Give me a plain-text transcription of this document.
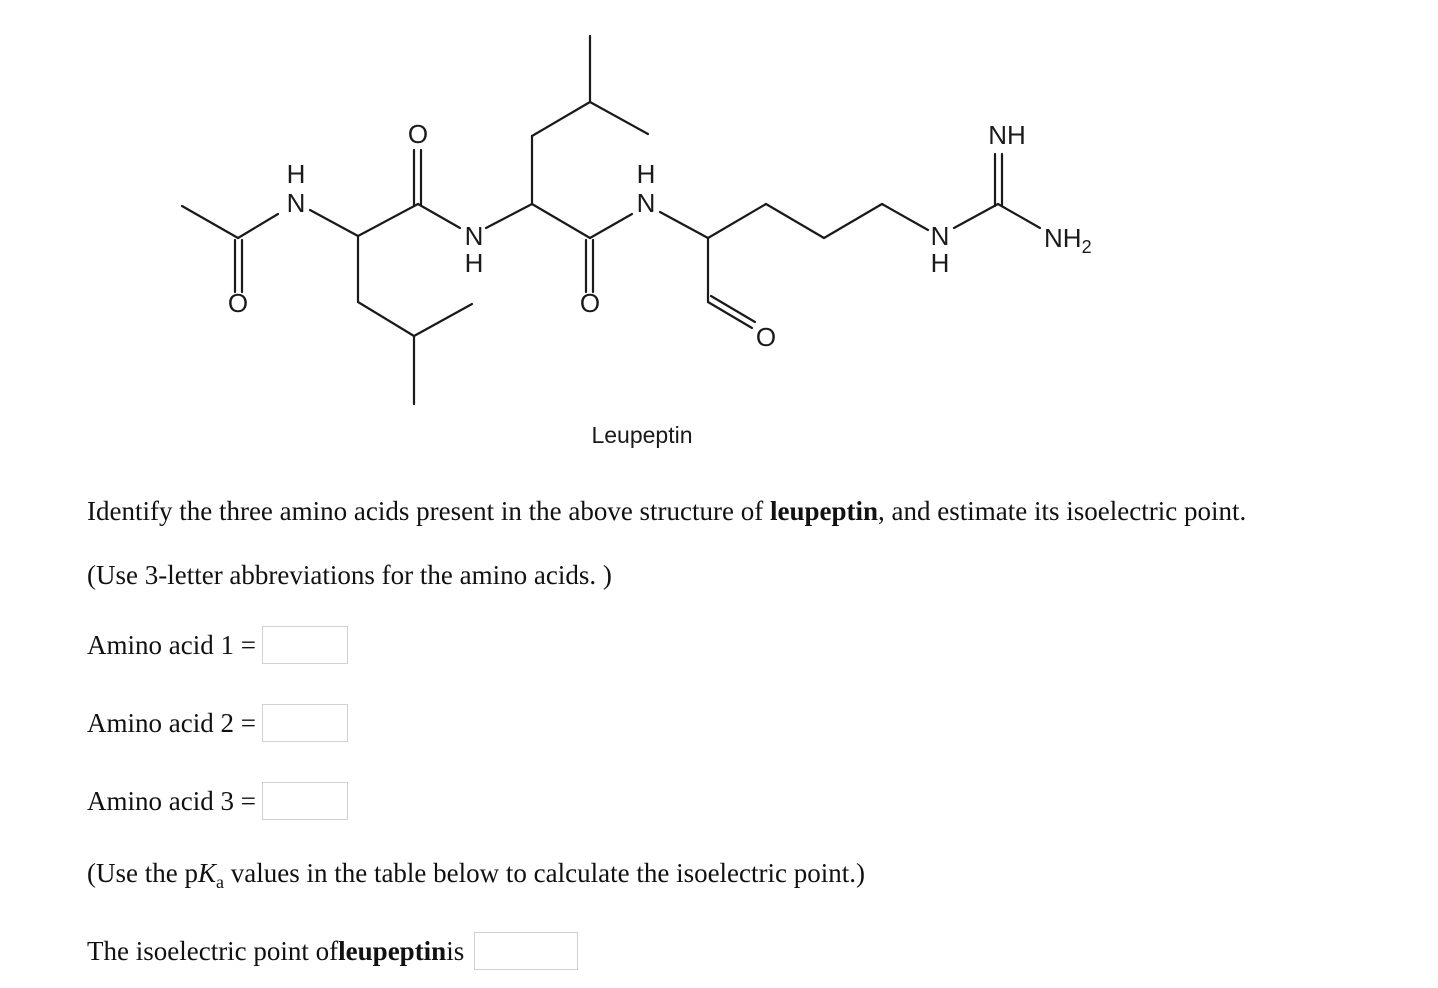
O
H
N
O
N
H
O
H
N
O
N
H
NH
$NH_2$
Leupeptin
Identify the three amino acids present in the above structure of leupeptin, and estimate its isoelectric point.
(Use 3-letter abbreviations for the amino acids. )
Amino acid 1 =
Amino acid 2 =
Amino acid 3 =
(Use the $pK_a$ values in the table below to calculate the isoelectric point.)
The isoelectric point of leupeptin is
